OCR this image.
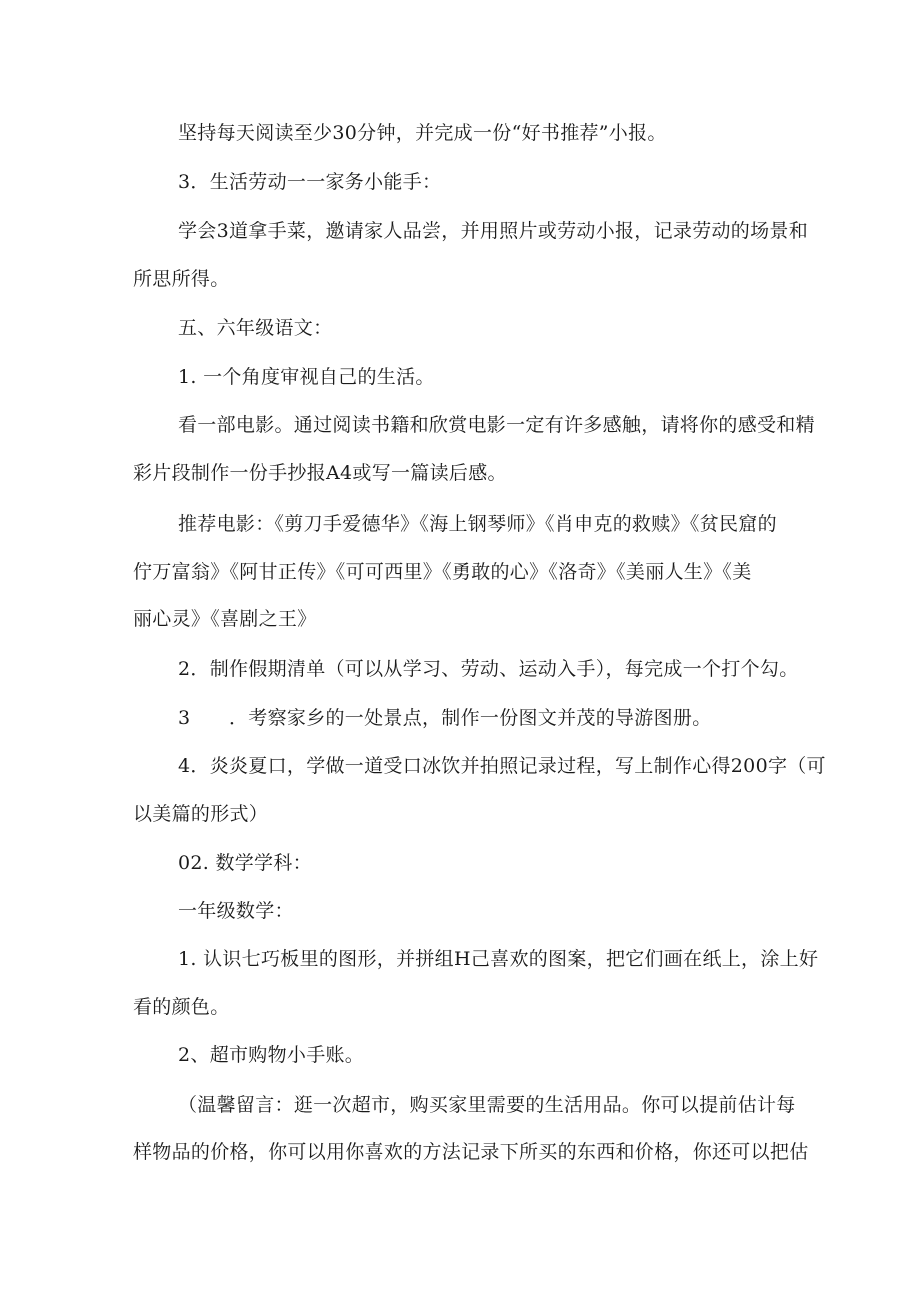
坚持每天阅读至少30分钟，并完成一份“好书推荐”小报。
3．生活劳动一一家务小能手：
学会3道拿手菜，邀请家人品尝，并用照片或劳动小报，记录劳动的场景和
所思所得。
五、六年级语文：
1. 一个角度审视自己的生活。
看一部电影。通过阅读书籍和欣赏电影一定有许多感触，请将你的感受和精
彩片段制作一份手抄报A4或写一篇读后感。
推荐电影：《剪刀手爱德华》《海上钢琴师》《肖申克的救赎》《贫民窟的
佇万富翁》《阿甘正传》《可可西里》《勇敢的心》《洛奇》《美丽人生》《美
丽心灵》《喜剧之王》
2．制作假期清单（可以从学习、劳动、运动入手），每完成一个打个勾。
3　　．考察家乡的一处景点，制作一份图文并茂的导游图册。
4．炎炎夏口，学做一道受口冰饮并拍照记录过程，写上制作心得200字（可
以美篇的形式）
02. 数学学科：
一年级数学：
1. 认识七巧板里的图形，并拼组H己喜欢的图案，把它们画在纸上，涂上好
看的颜色。
2、超市购物小手账。
（温馨留言：逛一次超市，购买家里需要的生活用品。你可以提前估计每
样物品的价格，你可以用你喜欢的方法记录下所买的东西和价格，你还可以把估
